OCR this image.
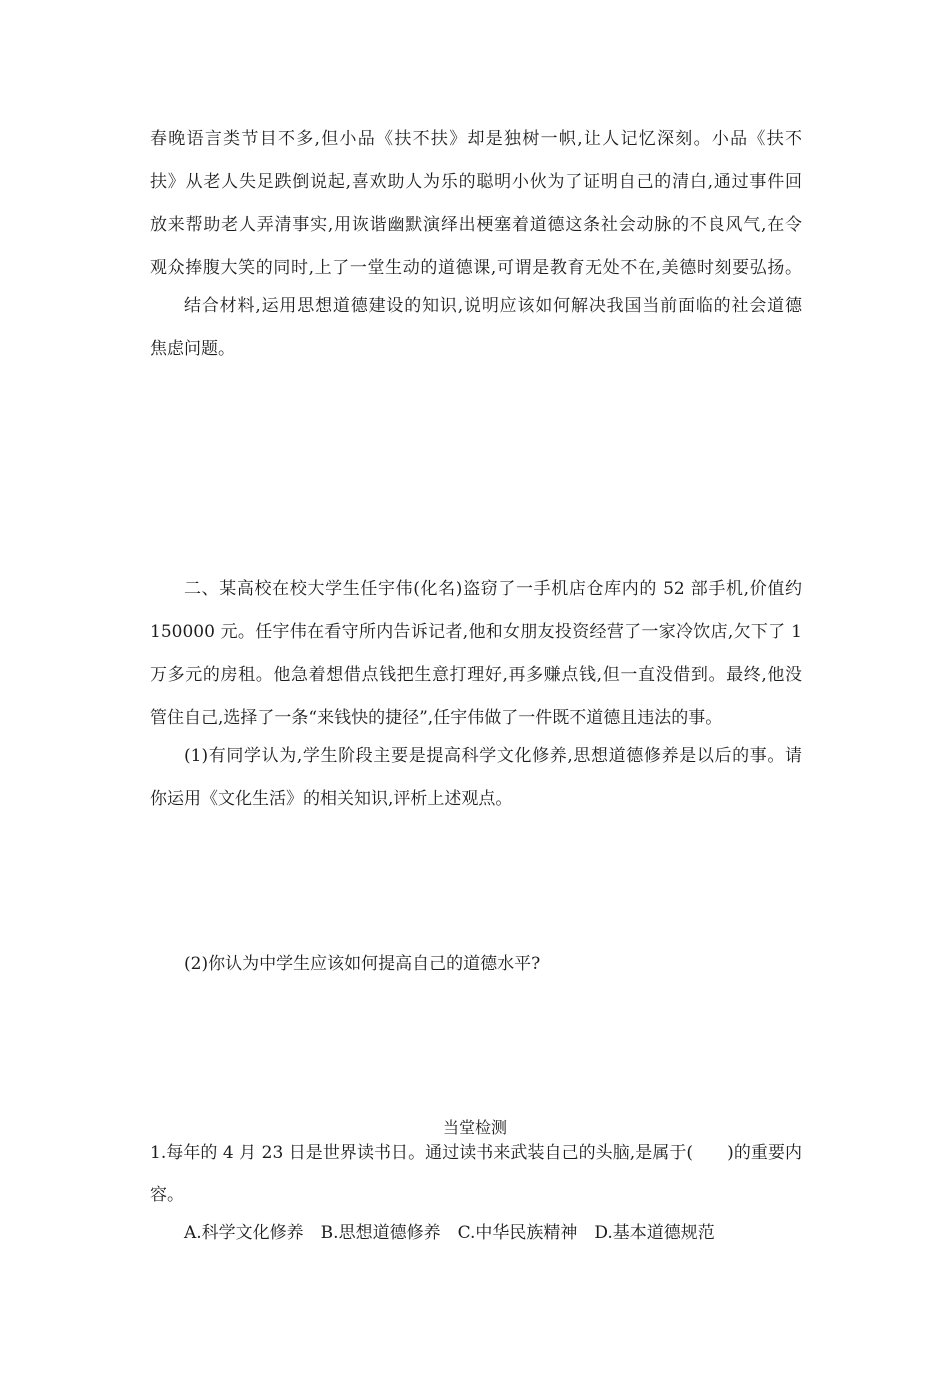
春晚语言类节目不多,但小品《扶不扶》却是独树一帜,让人记忆深刻。小品《扶不
扶》从老人失足跌倒说起,喜欢助人为乐的聪明小伙为了证明自己的清白,通过事件回
放来帮助老人弄清事实,用诙谐幽默演绎出梗塞着道德这条社会动脉的不良风气,在令
观众捧腹大笑的同时,上了一堂生动的道德课,可谓是教育无处不在,美德时刻要弘扬。
结合材料,运用思想道德建设的知识,说明应该如何解决我国当前面临的社会道德
焦虑问题。
二、某高校在校大学生任宇伟(化名)盗窃了一手机店仓库内的 52 部手机,价值约
150000 元。任宇伟在看守所内告诉记者,他和女朋友投资经营了一家冷饮店,欠下了 1
万多元的房租。他急着想借点钱把生意打理好,再多赚点钱,但一直没借到。最终,他没
管住自己,选择了一条“来钱快的捷径”,任宇伟做了一件既不道德且违法的事。
(1)有同学认为,学生阶段主要是提高科学文化修养,思想道德修养是以后的事。请
你运用《文化生活》的相关知识,评析上述观点。
(2)你认为中学生应该如何提高自己的道德水平?
当堂检测
1.每年的 4 月 23 日是世界读书日。通过读书来武装自己的头脑,是属于(　　)的重要内
容。
A.科学文化修养　B.思想道德修养　C.中华民族精神　D.基本道德规范
